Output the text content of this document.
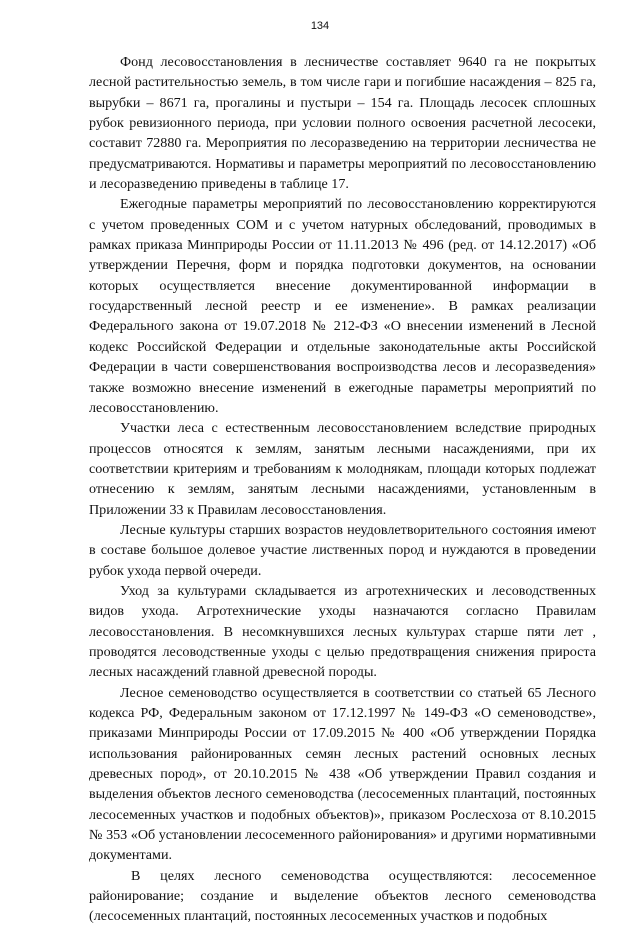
134

Фонд лесовосстановления в лесничестве составляет 9640 га не покрытых лесной растительностью земель, в том числе гари и погибшие насаждения – 825 га, вырубки – 8671 га, прогалины и пустыри – 154 га. Площадь лесосек сплошных рубок ревизионного периода, при условии полного освоения расчетной лесосеки, составит 72880 га. Мероприятия по лесоразведению на территории лесничества не предусматриваются. Нормативы и параметры мероприятий по лесовосстановлению и лесоразведению приведены в таблице 17.

Ежегодные параметры мероприятий по лесовосстановлению корректируются с учетом проведенных СОМ и с учетом натурных обследований, проводимых в рамках приказа Минприроды России от 11.11.2013 № 496 (ред. от 14.12.2017) «Об утверждении Перечня, форм и порядка подготовки документов, на основании которых осуществляется внесение документированной информации в государственный лесной реестр и ее изменение». В рамках реализации Федерального закона от 19.07.2018 № 212-ФЗ «О внесении изменений в Лесной кодекс Российской Федерации и отдельные законодательные акты Российской Федерации в части совершенствования воспроизводства лесов и лесоразведения» также возможно внесение изменений в ежегодные параметры мероприятий по лесовосстановлению.

Участки леса с естественным лесовосстановлением вследствие природных процессов относятся к землям, занятым лесными насаждениями, при их соответствии критериям и требованиям к молоднякам, площади которых подлежат отнесению к землям, занятым лесными насаждениями, установленным в Приложении 33 к Правилам лесовосстановления.

Лесные культуры старших возрастов неудовлетворительного состояния имеют в составе большое долевое участие лиственных пород и нуждаются в проведении рубок ухода первой очереди.

Уход за культурами складывается из агротехнических и лесоводственных видов ухода. Агротехнические уходы назначаются согласно Правилам лесовосстановления. В несомкнувшихся лесных культурах старше пяти лет , проводятся лесоводственные уходы с целью предотвращения снижения прироста лесных насаждений главной древесной породы.

Лесное семеноводство осуществляется в соответствии со статьей 65 Лесного кодекса РФ, Федеральным законом от 17.12.1997 № 149-ФЗ «О семеноводстве», приказами Минприроды России от 17.09.2015 № 400 «Об утверждении Порядка использования районированных семян лесных растений основных лесных древесных пород», от 20.10.2015 № 438 «Об утверждении Правил создания и выделения объектов лесного семеноводства (лесосеменных плантаций, постоянных лесосеменных участков и подобных объектов)», приказом Рослесхоза от 8.10.2015 № 353 «Об установлении лесосеменного районирования» и другими нормативными документами.

В целях лесного семеноводства осуществляются: лесосеменное районирование; создание и выделение объектов лесного семеноводства (лесосеменных плантаций, постоянных лесосеменных участков и подобных
